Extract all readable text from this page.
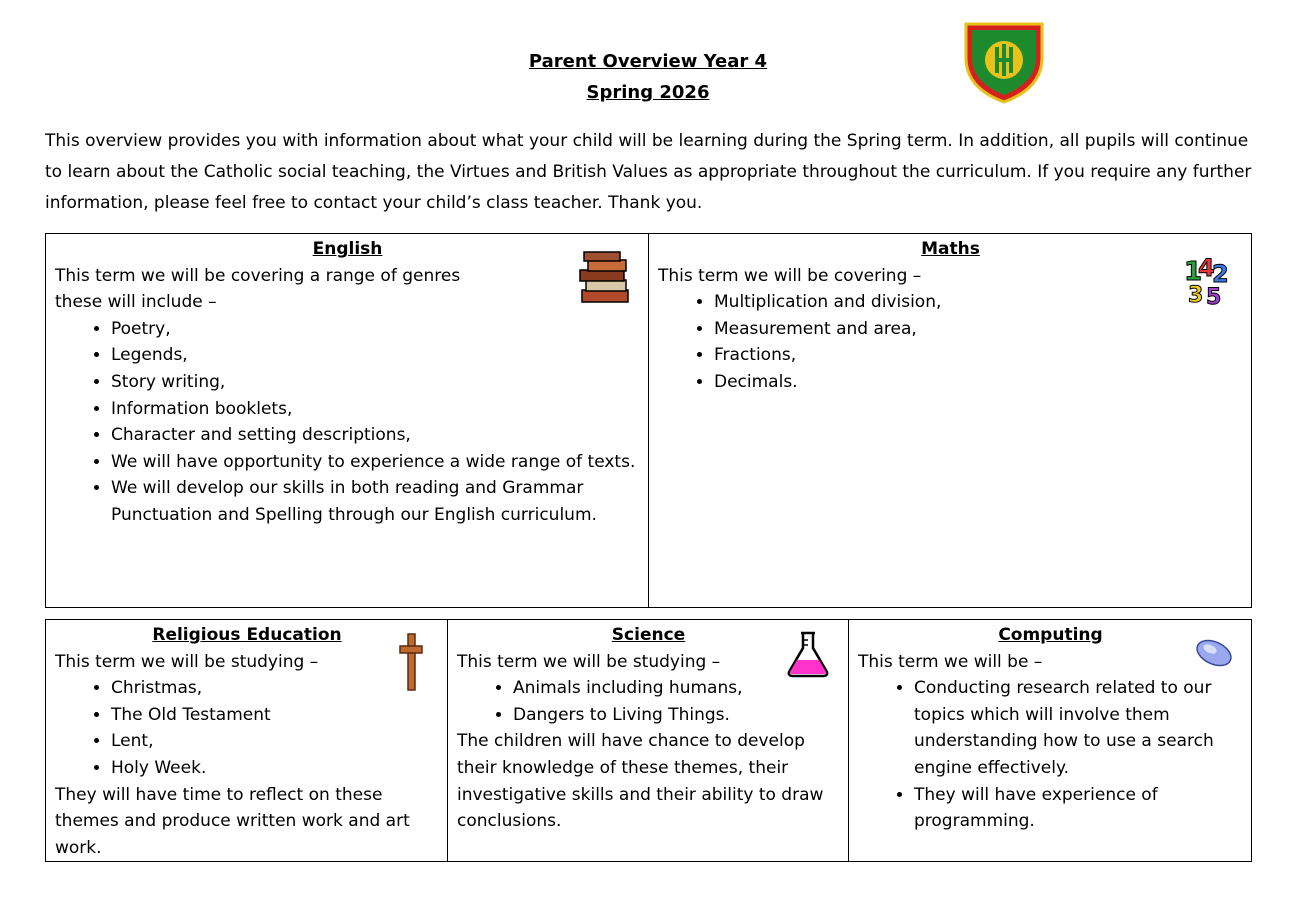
Parent Overview Year 4
Spring 2026
This overview provides you with information about what your child will be learning during the Spring term. In addition, all pupils will continue to learn about the Catholic social teaching, the Virtues and British Values as appropriate throughout the curriculum. If you require any further information, please feel free to contact your child’s class teacher. Thank you.
English
This term we will be covering a range of genres
these will include –
• Poetry,
• Legends,
• Story writing,
• Information booklets,
• Character and setting descriptions,
• We will have opportunity to experience a wide range of texts.
• We will develop our skills in both reading and Grammar Punctuation and Spelling through our English curriculum.

Maths
This term we will be covering –
• Multiplication and division,
• Measurement and area,
• Fractions,
• Decimals.
1
4
2
3 5
Religious Education
This term we will be studying –
• Christmas,
• The Old Testament
• Lent,
• Holy Week.
They will have time to reflect on these themes and produce written work and art work.

Science
This term we will be studying –
• Animals including humans,
• Dangers to Living Things.
The children will have chance to develop their knowledge of these themes, their investigative skills and their ability to draw conclusions.

Computing
This term we will be –
• Conducting research related to our topics which will involve them understanding how to use a search engine effectively.
• They will have experience of programming.
